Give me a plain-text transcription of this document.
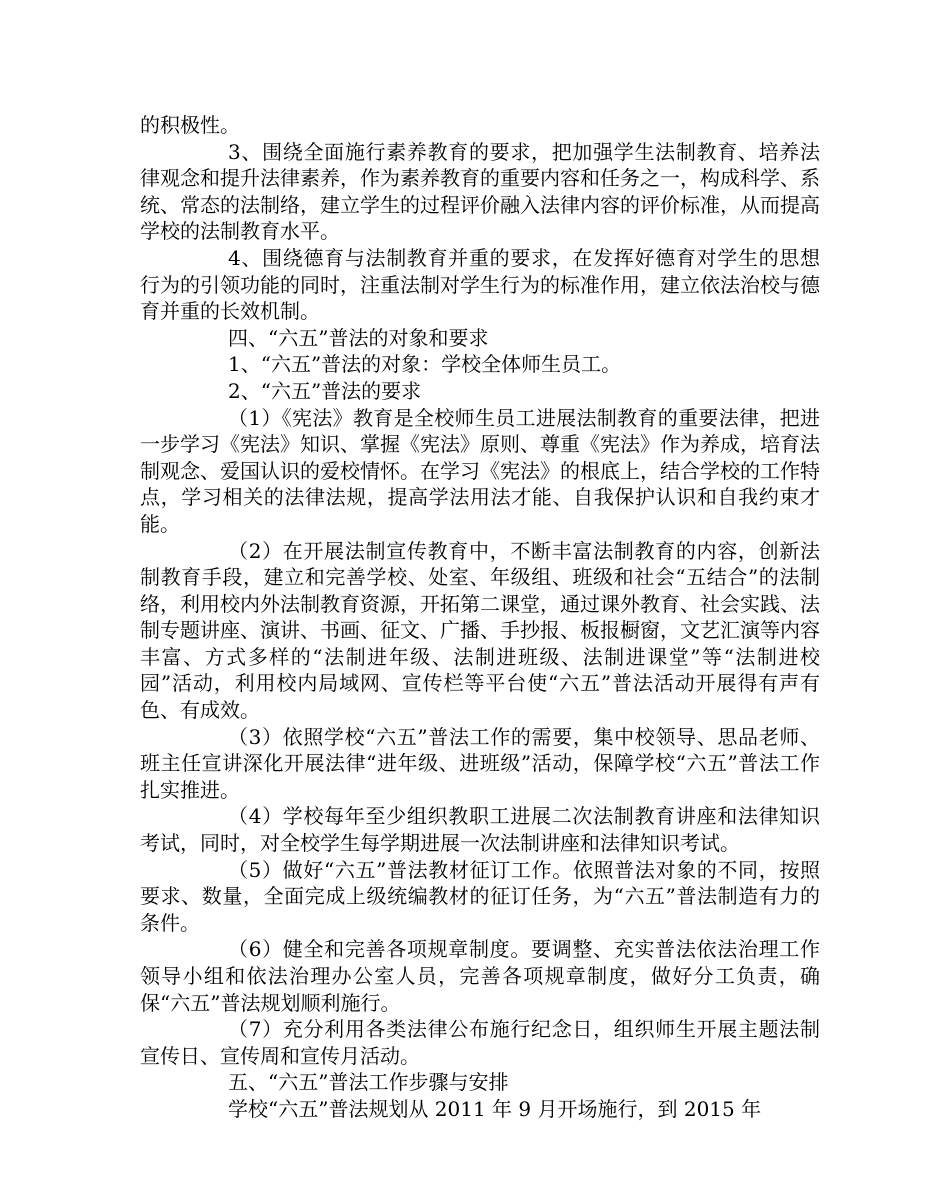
的积极性。

3、围绕全面施行素养教育的要求，把加强学生法制教育、培养法律观念和提升法律素养，作为素养教育的重要内容和任务之一，构成科学、系统、常态的法制络，建立学生的过程评价融入法律内容的评价标准，从而提高学校的法制教育水平。

4、围绕德育与法制教育并重的要求，在发挥好德育对学生的思想行为的引领功能的同时，注重法制对学生行为的标准作用，建立依法治校与德育并重的长效机制。

四、“六五”普法的对象和要求

1、“六五”普法的对象：学校全体师生员工。

2、“六五”普法的要求

（1）《宪法》教育是全校师生员工进展法制教育的重要法律，把进一步学习《宪法》知识、掌握《宪法》原则、尊重《宪法》作为养成，培育法制观念、爱国认识的爱校情怀。在学习《宪法》的根底上，结合学校的工作特点，学习相关的法律法规，提高学法用法才能、自我保护认识和自我约束才能。

（2）在开展法制宣传教育中，不断丰富法制教育的内容，创新法制教育手段，建立和完善学校、处室、年级组、班级和社会“五结合”的法制络，利用校内外法制教育资源，开拓第二课堂，通过课外教育、社会实践、法制专题讲座、演讲、书画、征文、广播、手抄报、板报橱窗，文艺汇演等内容丰富、方式多样的“法制进年级、法制进班级、法制进课堂”等“法制进校园”活动，利用校内局域网、宣传栏等平台使“六五”普法活动开展得有声有色、有成效。

（3）依照学校“六五”普法工作的需要，集中校领导、思品老师、班主任宣讲深化开展法律“进年级、进班级”活动，保障学校“六五”普法工作扎实推进。

（4）学校每年至少组织教职工进展二次法制教育讲座和法律知识考试，同时，对全校学生每学期进展一次法制讲座和法律知识考试。

（5）做好“六五”普法教材征订工作。依照普法对象的不同，按照要求、数量，全面完成上级统编教材的征订任务，为“六五”普法制造有力的条件。

（6）健全和完善各项规章制度。要调整、充实普法依法治理工作领导小组和依法治理办公室人员，完善各项规章制度，做好分工负责，确保“六五”普法规划顺利施行。

（7）充分利用各类法律公布施行纪念日，组织师生开展主题法制宣传日、宣传周和宣传月活动。

五、“六五”普法工作步骤与安排

学校“六五”普法规划从 2011 年 9 月开场施行，到 2015 年
